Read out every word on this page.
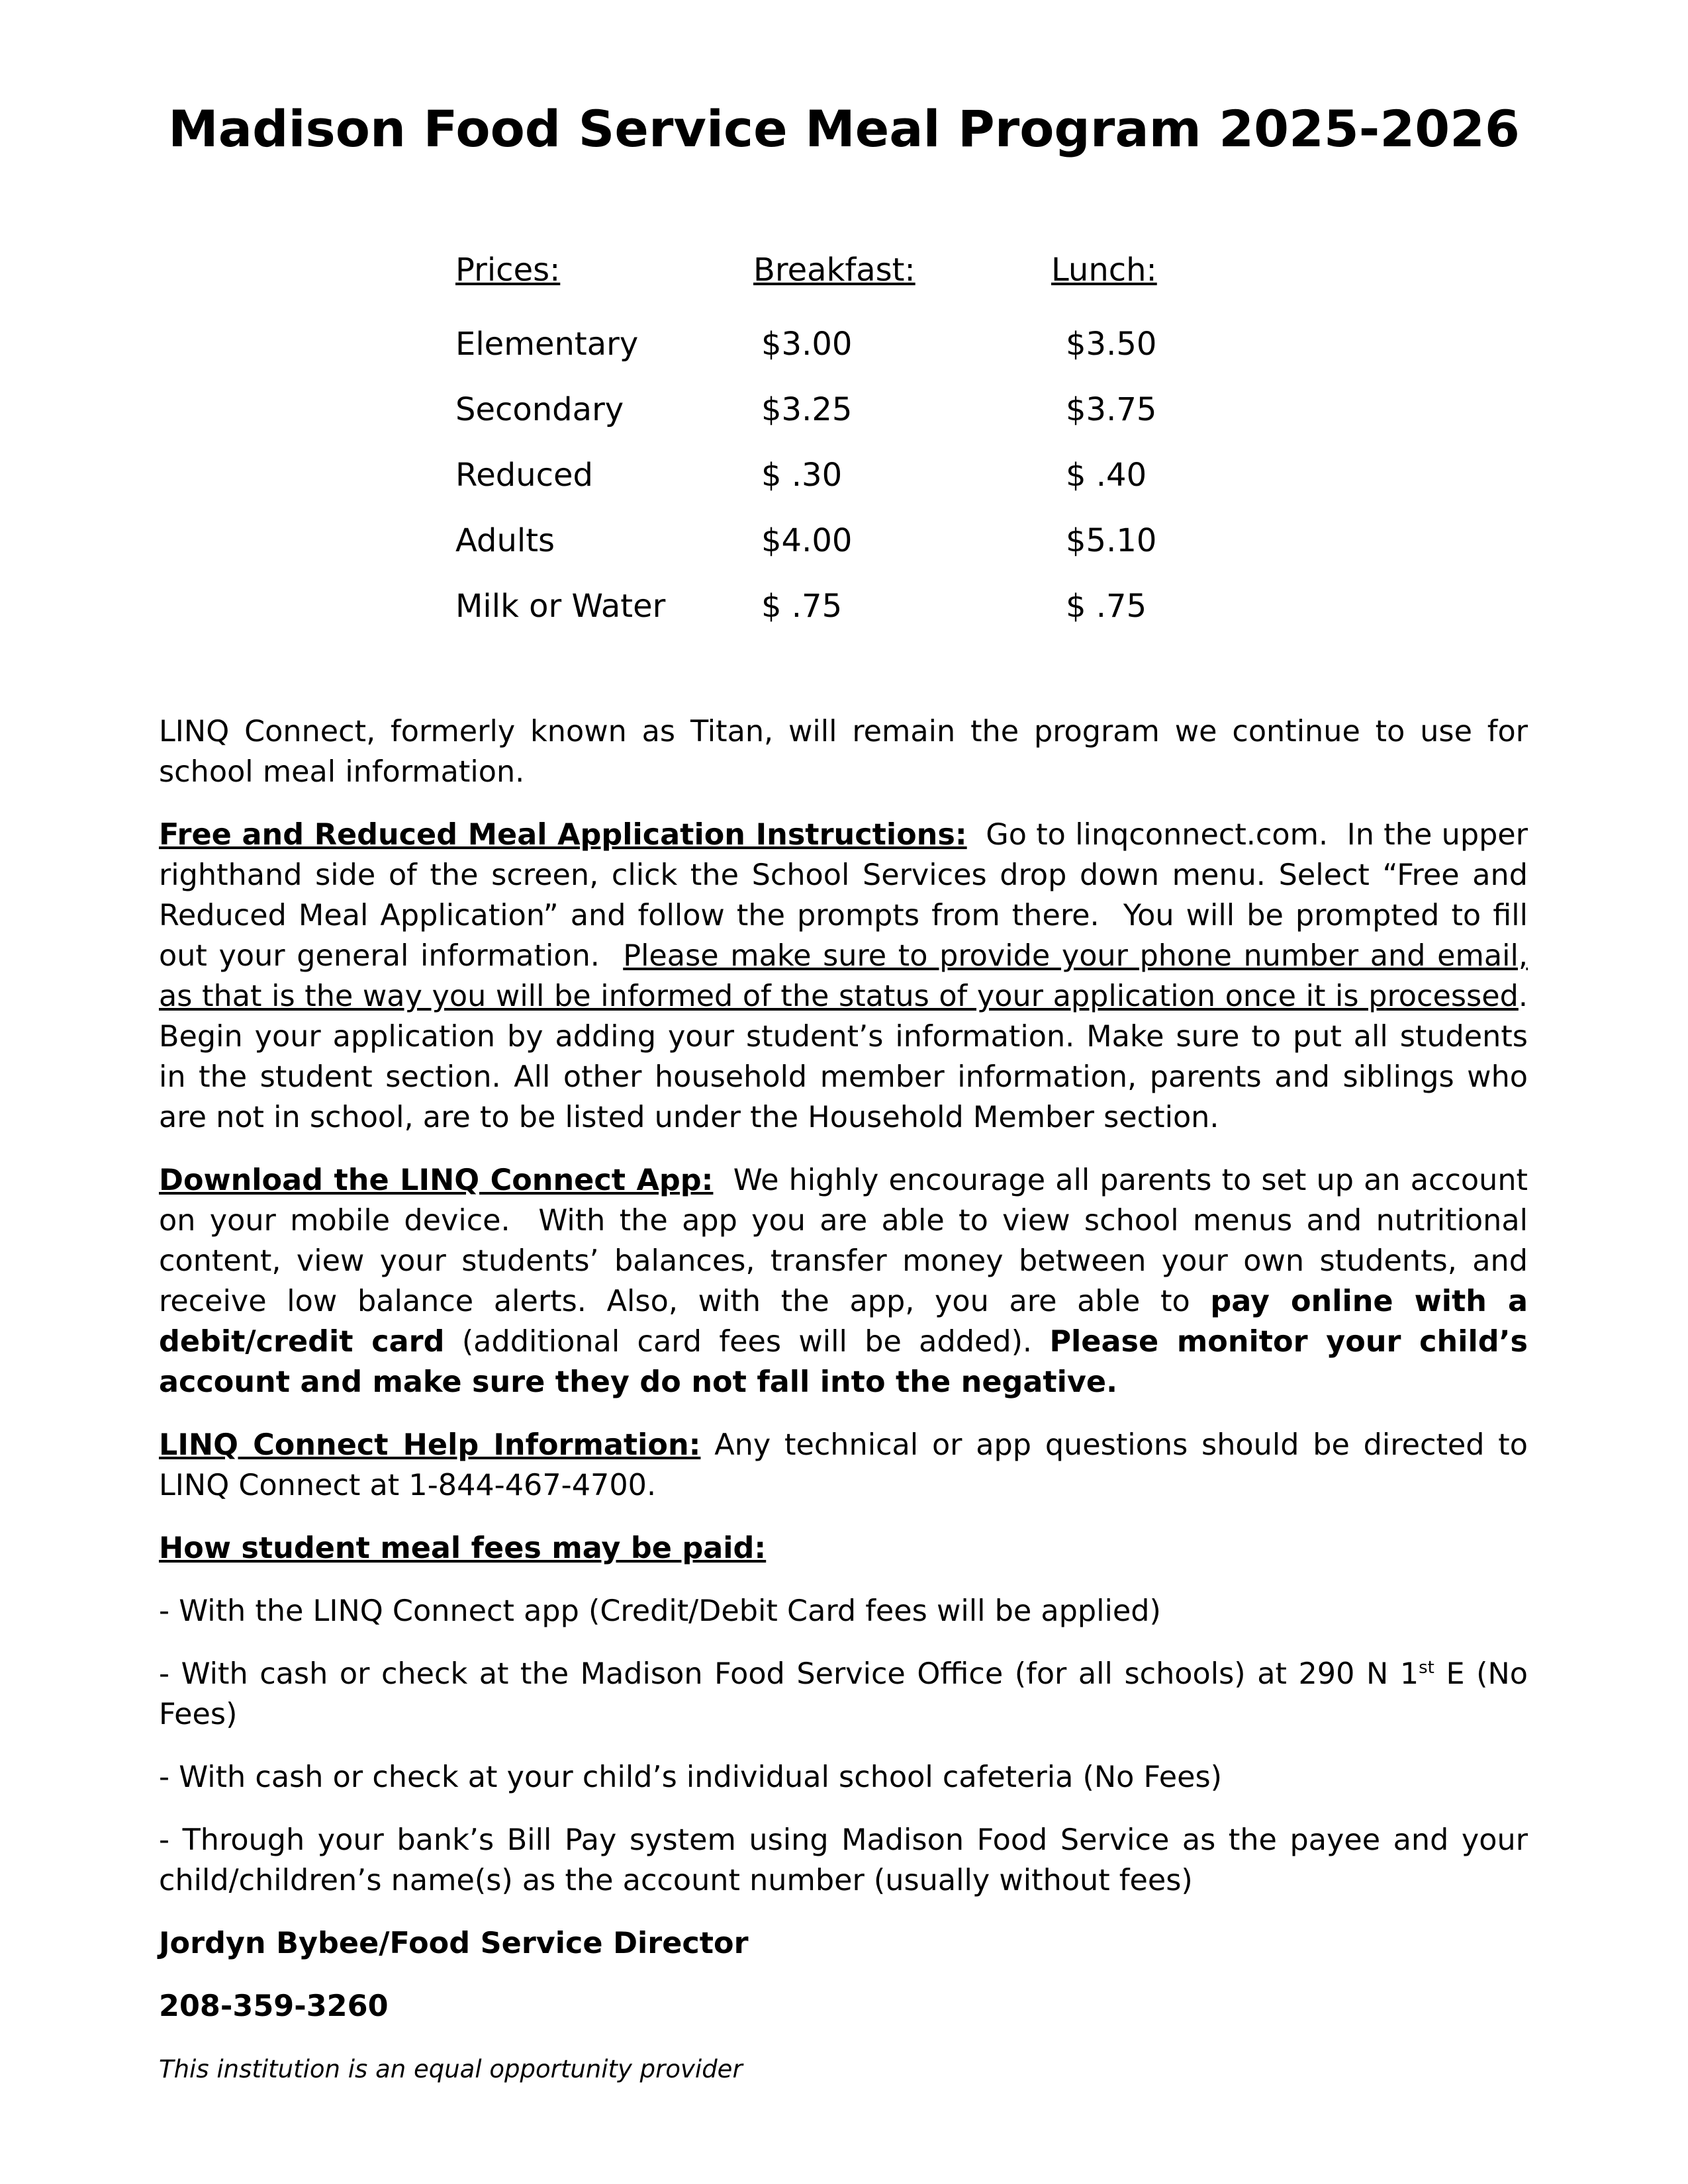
Madison Food Service Meal Program 2025-2026
Prices:	Breakfast:	Lunch:
Elementary	$3.00	$3.50
Secondary	$3.25	$3.75
Reduced	$ .30	$ .40
Adults	$4.00	$5.10
Milk or Water	$ .75	$ .75

LINQ Connect, formerly known as Titan, will remain the program we continue to use for school meal information.

Free and Reduced Meal Application Instructions:  Go to linqconnect.com.  In the upper righthand side of the screen, click the School Services drop down menu. Select “Free and Reduced Meal Application” and follow the prompts from there.  You will be prompted to fill out your general information.  Please make sure to provide your phone number and email, as that is the way you will be informed of the status of your application once it is processed. Begin your application by adding your student’s information. Make sure to put all students in the student section. All other household member information, parents and siblings who are not in school, are to be listed under the Household Member section.

Download the LINQ Connect App:  We highly encourage all parents to set up an account on your mobile device.  With the app you are able to view school menus and nutritional content, view your students’ balances, transfer money between your own students, and receive low balance alerts. Also, with the app, you are able to pay online with a debit/credit card (additional card fees will be added). Please monitor your child’s account and make sure they do not fall into the negative.

LINQ Connect Help Information: Any technical or app questions should be directed to LINQ Connect at 1-844-467-4700.

How student meal fees may be paid:

- With the LINQ Connect app (Credit/Debit Card fees will be applied)

- With cash or check at the Madison Food Service Office (for all schools) at 290 N 1st E (No Fees)

- With cash or check at your child’s individual school cafeteria (No Fees)

- Through your bank’s Bill Pay system using Madison Food Service as the payee and your child/children’s name(s) as the account number (usually without fees)

Jordyn Bybee/Food Service Director

208-359-3260

This institution is an equal opportunity provider
